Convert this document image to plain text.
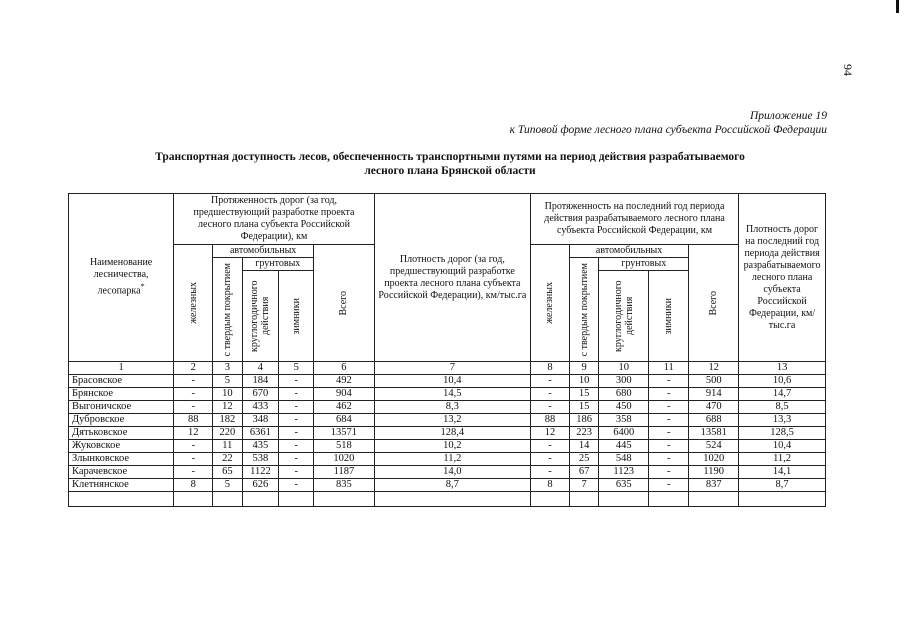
94
Приложение 19
к Типовой форме лесного плана субъекта Российской Федерации
Транспортная доступность лесов, обеспеченность транспортными путями на период действия разрабатываемого
лесного плана Брянской области
Наименование лесничества, лесопарка*	Протяженность дорог (за год, предшествующий разработке проекта лесного плана субъекта Российской Федерации), км					Плотность дорог (за год, предшествующий разработке проекта лесного плана субъекта Российской Федерации), км/тыс.га	Протяженность на последний год периода действия разрабатываемого лесного плана субъекта Российской Федерации, км					Плотность дорог на последний год периода действия разрабатываемого лесного плана субъекта Российской Федерации, км/тыс.га

	железных	автомобильных			Всего		железных	автомобильных			Всего	

		с твердым покрытием	грунтовых					с твердым покрытием	грунтовых			

			круглогодичного действия	зимники					круглогодичного действия	зимники		

1	2	3	4	5	6	7	8	9	10	11	12	13
Брасовское	-	5	184	-	492	10,4	-	10	300	-	500	10,6
Брянское	-	10	670	-	904	14,5	-	15	680	-	914	14,7
Выгоничское	-	12	433	-	462	8,3	-	15	450	-	470	8,5
Дубровское	88	182	348	-	684	13,2	88	186	358	-	688	13,3
Дятьковское	12	220	6361	-	13571	128,4	12	223	6400	-	13581	128,5
Жуковское	-	11	435	-	518	10,2	-	14	445	-	524	10,4
Злынковское	-	22	538	-	1020	11,2	-	25	548	-	1020	11,2
Карачевское	-	65	1122	-	1187	14,0	-	67	1123	-	1190	14,1
Клетнянское	8	5	626	-	835	8,7	8	7	635	-	837	8,7
